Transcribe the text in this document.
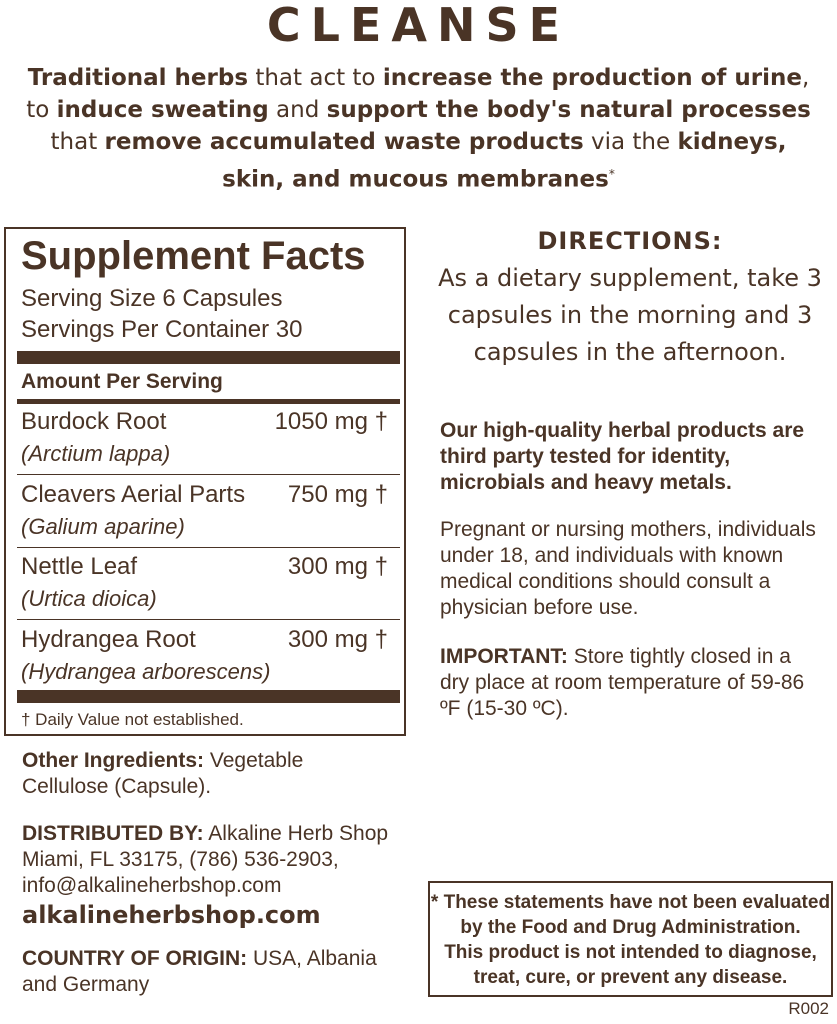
CLEANSE
Traditional herbs that act to increase the production of urine, to induce sweating and support the body's natural processes that remove accumulated waste products via the kidneys, skin, and mucous membranes*
Supplement Facts
Serving Size 6 Capsules
Servings Per Container 30
Amount Per Serving
Burdock Root	1050 mg †
(Arctium lappa)
Cleavers Aerial Parts 750 mg †
(Galium aparine)
Nettle Leaf	300 mg †
(Urtica dioica)
Hydrangea Root	300 mg †
(Hydrangea arborescens)
† Daily Value not established.
Other Ingredients: Vegetable Cellulose (Capsule).
DISTRIBUTED BY: Alkaline Herb Shop
Miami, FL 33175, (786) 536-2903,
info@alkalineherbshop.com
alkalineherbshop.com
COUNTRY OF ORIGIN: USA, Albania and Germany
DIRECTIONS:
As a dietary supplement, take 3 capsules in the morning and 3 capsules in the afternoon.
Our high-quality herbal products are third party tested for identity, microbials and heavy metals.
Pregnant or nursing mothers, individuals under 18, and individuals with known medical conditions should consult a physician before use.
IMPORTANT: Store tightly closed in a dry place at room temperature of 59-86 ºF (15-30 ºC).
* These statements have not been evaluated
by the Food and Drug Administration.
This product is not intended to diagnose,
treat, cure, or prevent any disease.
R002
